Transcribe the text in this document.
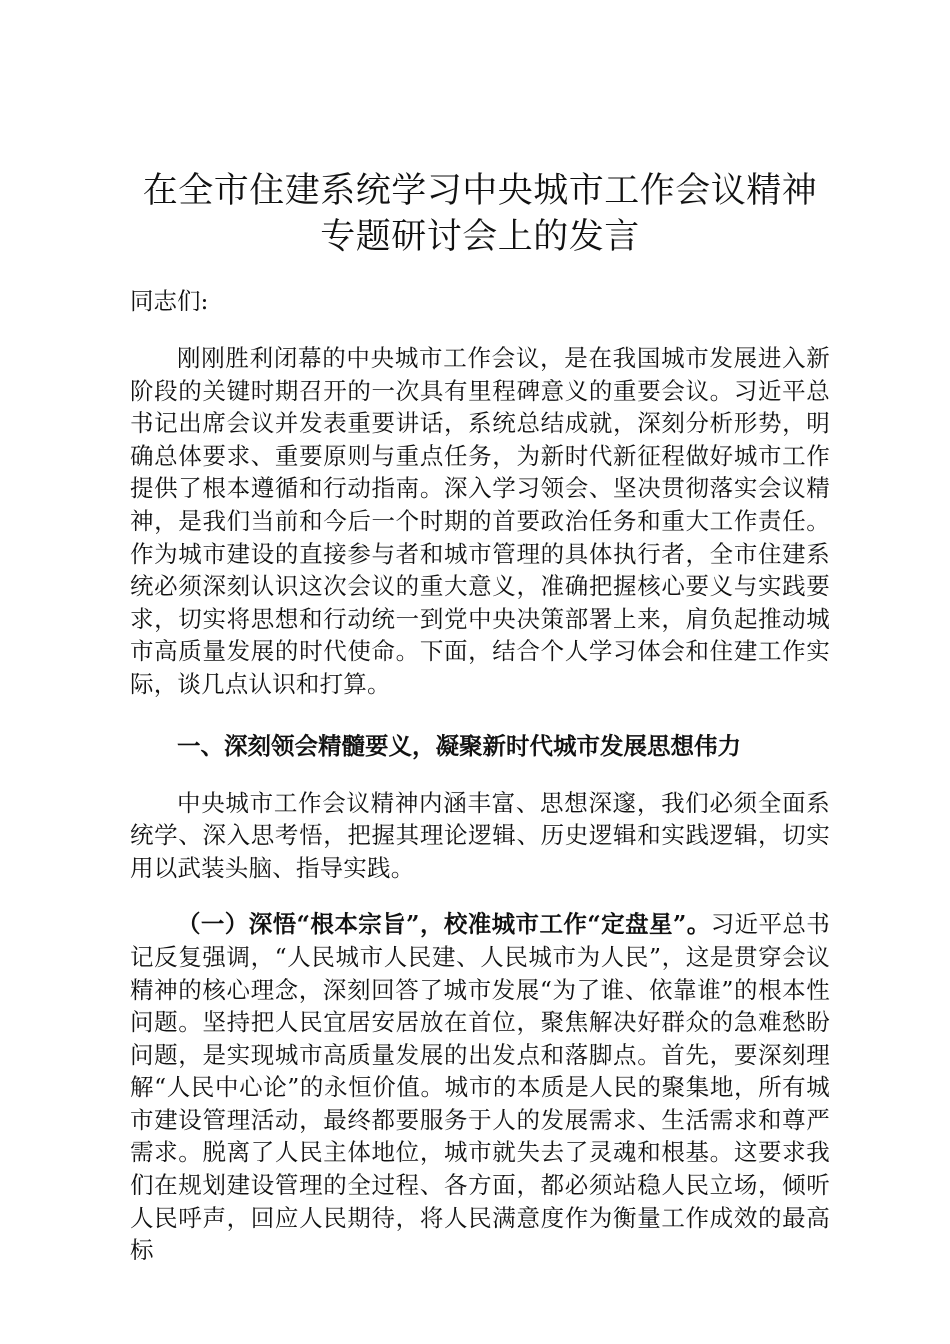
在全市住建系统学习中央城市工作会议精神专题研讨会上的发言

同志们:

刚刚胜利闭幕的中央城市工作会议，是在我国城市发展进入新阶段的关键时期召开的一次具有里程碑意义的重要会议。习近平总书记出席会议并发表重要讲话，系统总结成就，深刻分析形势，明确总体要求、重要原则与重点任务，为新时代新征程做好城市工作提供了根本遵循和行动指南。深入学习领会、坚决贯彻落实会议精神，是我们当前和今后一个时期的首要政治任务和重大工作责任。作为城市建设的直接参与者和城市管理的具体执行者，全市住建系统必须深刻认识这次会议的重大意义，准确把握核心要义与实践要求，切实将思想和行动统一到党中央决策部署上来，肩负起推动城市高质量发展的时代使命。下面，结合个人学习体会和住建工作实际，谈几点认识和打算。

一、深刻领会精髓要义，凝聚新时代城市发展思想伟力

中央城市工作会议精神内涵丰富、思想深邃，我们必须全面系统学、深入思考悟，把握其理论逻辑、历史逻辑和实践逻辑，切实用以武装头脑、指导实践。

（一）深悟“根本宗旨”，校准城市工作“定盘星”。习近平总书记反复强调，“人民城市人民建、人民城市为人民”，这是贯穿会议精神的核心理念，深刻回答了城市发展“为了谁、依靠谁”的根本性问题。坚持把人民宜居安居放在首位，聚焦解决好群众的急难愁盼问题，是实现城市高质量发展的出发点和落脚点。首先，要深刻理解“人民中心论”的永恒价值。城市的本质是人民的聚集地，所有城市建设管理活动，最终都要服务于人的发展需求、生活需求和尊严需求。脱离了人民主体地位，城市就失去了灵魂和根基。这要求我们在规划建设管理的全过程、各方面，都必须站稳人民立场，倾听人民呼声，回应人民期待，将人民满意度作为衡量工作成效的最高标
